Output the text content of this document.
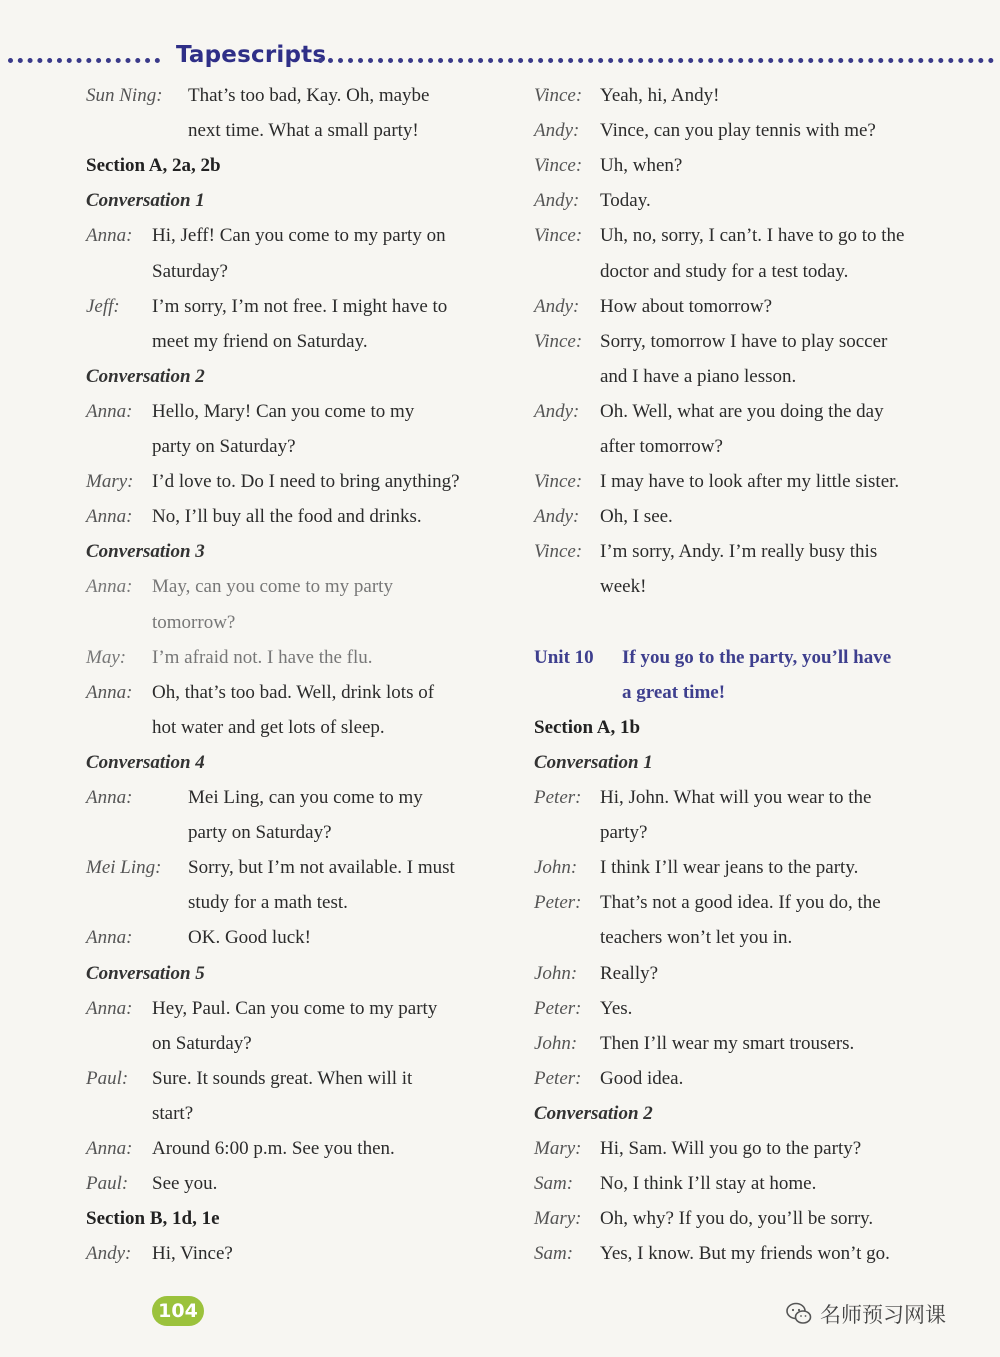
Tapescripts
Sun Ning: That’s too bad, Kay. Oh, maybe
next time. What a small party!
Section A, 2a, 2b
Conversation 1
Anna: Hi, Jeff! Can you come to my party on
Saturday?
Jeff: I’m sorry, I’m not free. I might have to
meet my friend on Saturday.
Conversation 2
Anna: Hello, Mary! Can you come to my
party on Saturday?
Mary: I’d love to. Do I need to bring anything?
Anna: No, I’ll buy all the food and drinks.
Conversation 3
Anna: May, can you come to my party
tomorrow?
May: I’m afraid not. I have the flu.
Anna: Oh, that’s too bad. Well, drink lots of
hot water and get lots of sleep.
Conversation 4
Anna:	Mei Ling, can you come to my
party on Saturday?
Mei Ling: Sorry, but I’m not available. I must
study for a math test.
Anna:	OK. Good luck!
Conversation 5
Anna: Hey, Paul. Can you come to my party
on Saturday?
Paul: Sure. It sounds great. When will it
start?
Anna: Around 6:00 p.m. See you then.
Paul: See you.
Section B, 1d, 1e
Andy: Hi, Vince?
Vince: Yeah, hi, Andy!
Andy: Vince, can you play tennis with me?
Vince: Uh, when?
Andy: Today.
Vince: Uh, no, sorry, I can’t. I have to go to the
doctor and study for a test today.
Andy: How about tomorrow?
Vince: Sorry, tomorrow I have to play soccer
and I have a piano lesson.
Andy: Oh. Well, what are you doing the day
after tomorrow?
Vince: I may have to look after my little sister.
Andy: Oh, I see.
Vince: I’m sorry, Andy. I’m really busy this
week!
Unit 10 If you go to the party, you’ll have
a great time!
Section A, 1b
Conversation 1
Peter: Hi, John. What will you wear to the
party?
John: I think I’ll wear jeans to the party.
Peter: That’s not a good idea. If you do, the
teachers won’t let you in.
John: Really?
Peter: Yes.
John: Then I’ll wear my smart trousers.
Peter: Good idea.
Conversation 2
Mary: Hi, Sam. Will you go to the party?
Sam: No, I think I’ll stay at home.
Mary: Oh, why? If you do, you’ll be sorry.
Sam: Yes, I know. But my friends won’t go.
104	名师预习网课
